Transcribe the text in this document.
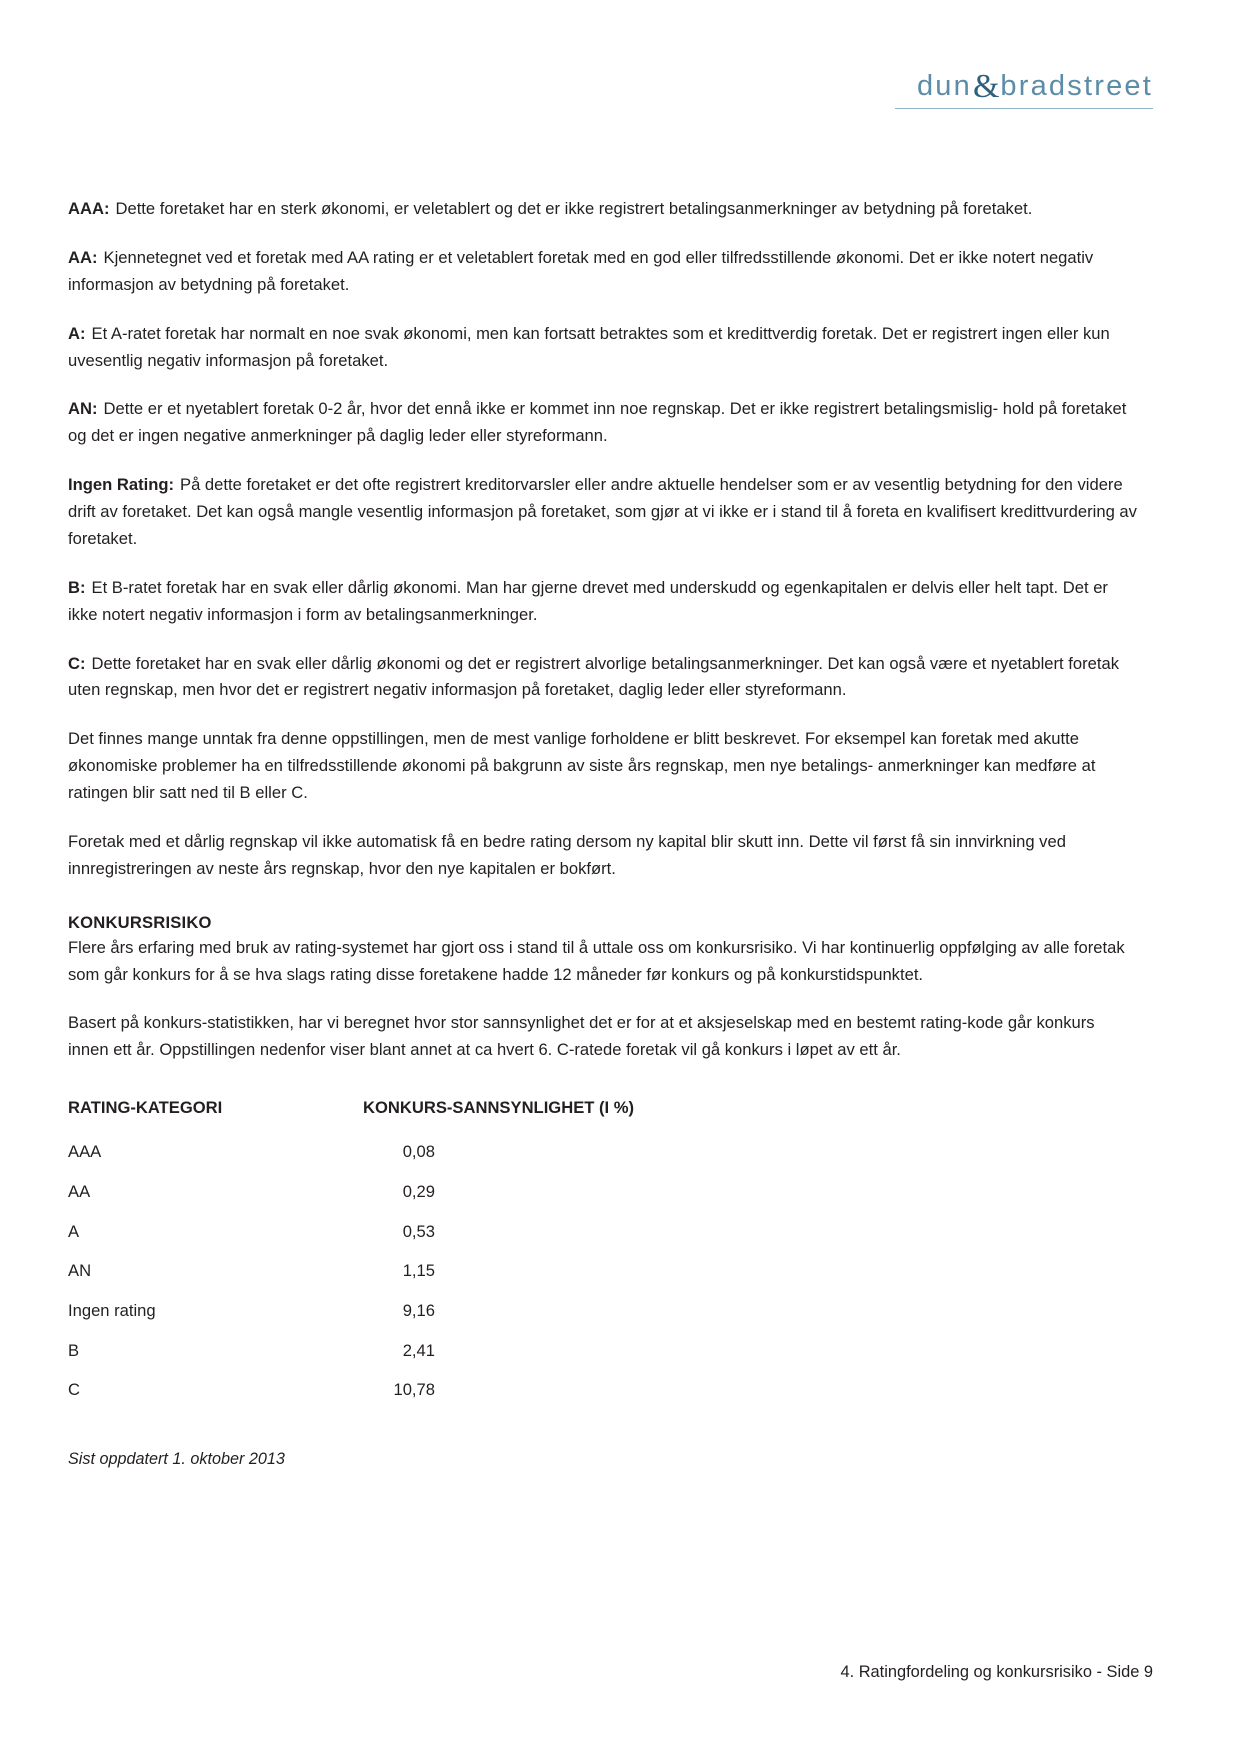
dun & bradstreet

AAA: Dette foretaket har en sterk økonomi, er veletablert og det er ikke registrert betalingsanmerkninger av betydning på foretaket.

AA: Kjennetegnet ved et foretak med AA rating er et veletablert foretak med en god eller tilfredsstillende økonomi. Det er ikke notert negativ informasjon av betydning på foretaket.

A: Et A-ratet foretak har normalt en noe svak økonomi, men kan fortsatt betraktes som et kredittverdig foretak. Det er registrert ingen eller kun uvesentlig negativ informasjon på foretaket.

AN: Dette er et nyetablert foretak 0-2 år, hvor det ennå ikke er kommet inn noe regnskap. Det er ikke registrert betalingsmislig- hold på foretaket og det er ingen negative anmerkninger på daglig leder eller styreformann.

Ingen Rating: På dette foretaket er det ofte registrert kreditorvarsler eller andre aktuelle hendelser som er av vesentlig betydning for den videre drift av foretaket. Det kan også mangle vesentlig informasjon på foretaket, som gjør at vi ikke er i stand til å foreta en kvalifisert kredittvurdering av foretaket.

B: Et B-ratet foretak har en svak eller dårlig økonomi. Man har gjerne drevet med underskudd og egenkapitalen er delvis eller helt tapt. Det er ikke notert negativ informasjon i form av betalingsanmerkninger.

C: Dette foretaket har en svak eller dårlig økonomi og det er registrert alvorlige betalingsanmerkninger. Det kan også være et nyetablert foretak uten regnskap, men hvor det er registrert negativ informasjon på foretaket, daglig leder eller styreformann.

Det finnes mange unntak fra denne oppstillingen, men de mest vanlige forholdene er blitt beskrevet. For eksempel kan foretak med akutte økonomiske problemer ha en tilfredsstillende økonomi på bakgrunn av siste års regnskap, men nye betalings- anmerkninger kan medføre at ratingen blir satt ned til B eller C.

Foretak med et dårlig regnskap vil ikke automatisk få en bedre rating dersom ny kapital blir skutt inn. Dette vil først få sin innvirkning ved innregistreringen av neste års regnskap, hvor den nye kapitalen er bokført.

KONKURSRISIKO

Flere års erfaring med bruk av rating-systemet har gjort oss i stand til å uttale oss om konkursrisiko. Vi har kontinuerlig oppfølging av alle foretak som går konkurs for å se hva slags rating disse foretakene hadde 12 måneder før konkurs og på konkurstidspunktet.

Basert på konkurs-statistikken, har vi beregnet hvor stor sannsynlighet det er for at et aksjeselskap med en bestemt rating-kode går konkurs innen ett år. Oppstillingen nedenfor viser blant annet at ca hvert 6. C-ratede foretak vil gå konkurs i løpet av ett år.

RATING-KATEGORI	KONKURS-SANNSYNLIGHET (I %)
AAA	0,08

AA	0,29

A	0,53

AN	1,15

Ingen rating	9,16

B	2,41

C	10,78
Sist oppdatert 1. oktober 2013
4. Ratingfordeling og konkursrisiko - Side 9
